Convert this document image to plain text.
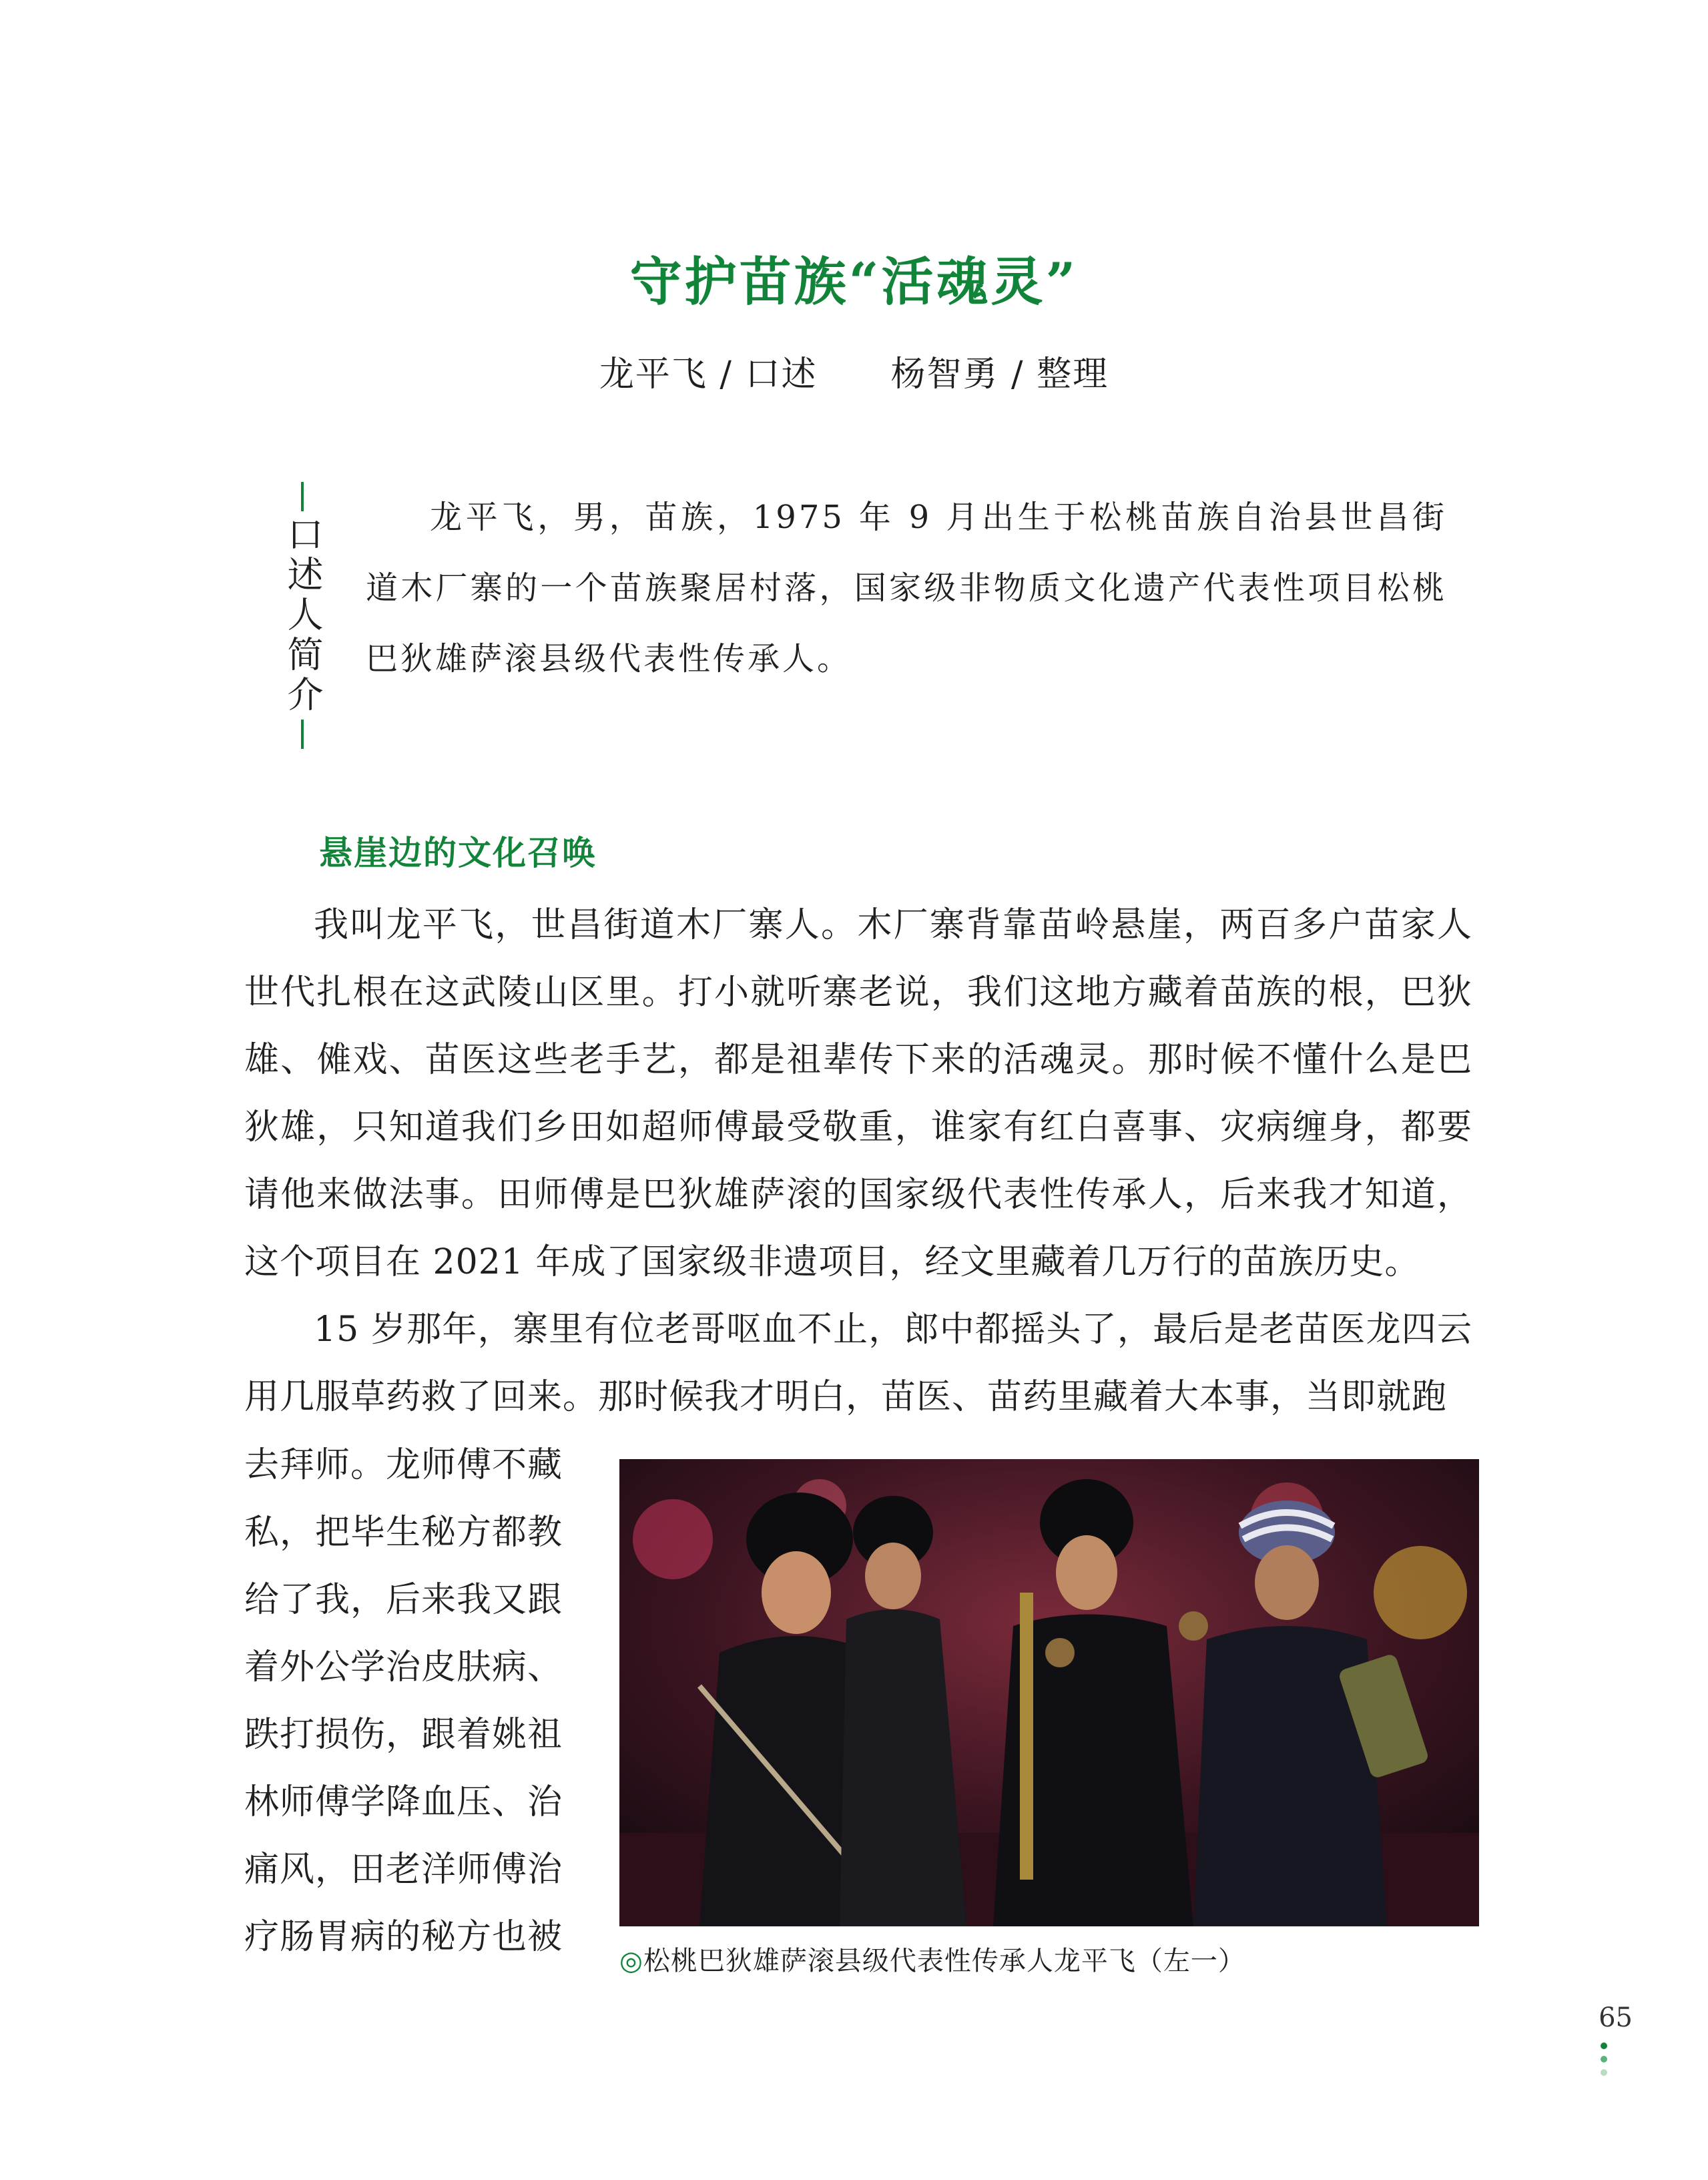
守护苗族“活魂灵”
龙平飞 / 口述 杨智勇 / 整理
口述人简介	龙平飞，男，苗族，1975 年 9 月出生于松桃苗族自治县世昌街道木厂寨的一个苗族聚居村落，国家级非物质文化遗产代表性项目松桃巴狄雄萨滚县级代表性传承人。

悬崖边的文化召唤

我叫龙平飞，世昌街道木厂寨人。木厂寨背靠苗岭悬崖，两百多户苗家人世代扎根在这武陵山区里。打小就听寨老说，我们这地方藏着苗族的根，巴狄雄、傩戏、苗医这些老手艺，都是祖辈传下来的活魂灵。那时候不懂什么是巴狄雄，只知道我们乡田如超师傅最受敬重，谁家有红白喜事、灾病缠身，都要请他来做法事。田师傅是巴狄雄萨滚的国家级代表性传承人，后来我才知道，这个项目在 2021 年成了国家级非遗项目，经文里藏着几万行的苗族历史。

15 岁那年，寨里有位老哥呕血不止，郎中都摇头了，最后是老苗医龙四云用几服草药救了回来。那时候我才明白，苗医、苗药里藏着大本事，当即就跑

去拜师。龙师傅不藏
私，把毕生秘方都教
给了我，后来我又跟
着外公学治皮肤病、
跌打损伤，跟着姚祖
林师傅学降血压、治
痛风，田老洋师傅治
疗肠胃病的秘方也被
◎松桃巴狄雄萨滚县级代表性传承人龙平飞（左一）
65
